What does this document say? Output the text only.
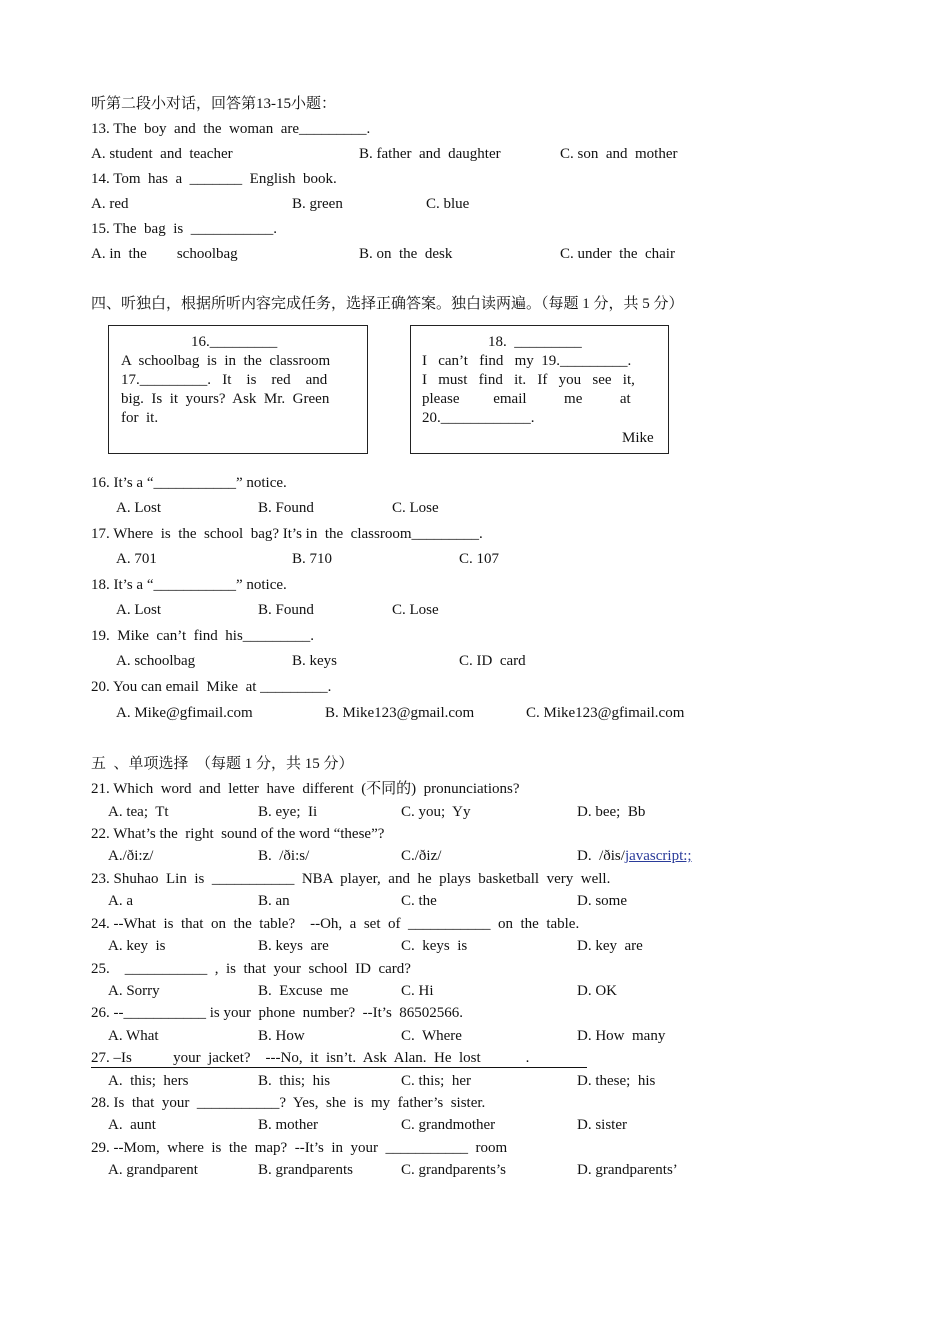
听第二段小对话，回答第13-15小题：
13. The  boy  and  the  woman  are_________.
A. student  and  teacher	B. father  and  daughter	C. son  and  mother
14. Tom  has  a  _______  English  book.
A. red	B. green	C. blue
15. The  bag  is  ___________.
A. in  the        schoolbag	B. on  the  desk	C. under  the  chair
四、听独白，根据所听内容完成任务，选择正确答案。独白读两遍。（每题 1 分，共 5 分）
16._________
A  schoolbag  is  in  the  classroom
17._________.   It    is    red    and
big.  Is  it  yours?  Ask  Mr.  Green
for  it.
18.  _________
I   can’t   find   my  19._________.
I   must   find   it.   If   you   see   it,
please         email          me          at
20.____________.
Mike
16. It’s a “___________” notice.
A. Lost	B. Found	C. Lose
17. Where  is  the  school  bag? It’s in  the  classroom_________.
A. 701	B. 710	C. 107
18. It’s a “___________” notice.
A. Lost	B. Found	C. Lose
19.  Mike  can’t  find  his_________.
A. schoolbag	B. keys	C. ID  card
20. You can email  Mike  at _________.
A. Mike@gfimail.com	B. Mike123@gmail.com	C. Mike123@gfimail.com
五  、单项选择  （每题 1 分，共 15 分）
21. Which  word  and  letter  have  different  (不同的)  pronunciations?
A. tea;  Tt	B. eye;  Ii	C. you;  Yy	D. bee;  Bb
22. What’s the  right  sound of the word “these”?
A./ði:z/	B.  /ði:s/	C./ðiz/	D.  /ðis/javascript:;
23. Shuhao  Lin  is  ___________  NBA  player,  and  he  plays  basketball  very  well.
A. a	B. an	C. the	D. some
24. --What  is  that  on  the  table?    --Oh,  a  set  of  ___________  on  the  table.
A. key  is	B. keys  are	C.  keys  is	D. key  are
25.    ___________  ,  is  that  your  school  ID  card?
A. Sorry	B.  Excuse  me	C. Hi	D. OK
26. --___________ is your  phone  number?  --It’s  86502566.
A. What	B. How	C.  Where	D. How  many
27. –Is           your  jacket?    ---No,  it  isn’t.  Ask  Alan.  He  lost            .
A.  this;  hers	B.  this;  his	C. this;  her	D. these;  his
28. Is  that  your  ___________?  Yes,  she  is  my  father’s  sister.
A.  aunt	B. mother	C. grandmother	D. sister
29. --Mom,  where  is  the  map?  --It’s  in  your  ___________  room
A. grandparent	B. grandparents	C. grandparents’s	D. grandparents’
